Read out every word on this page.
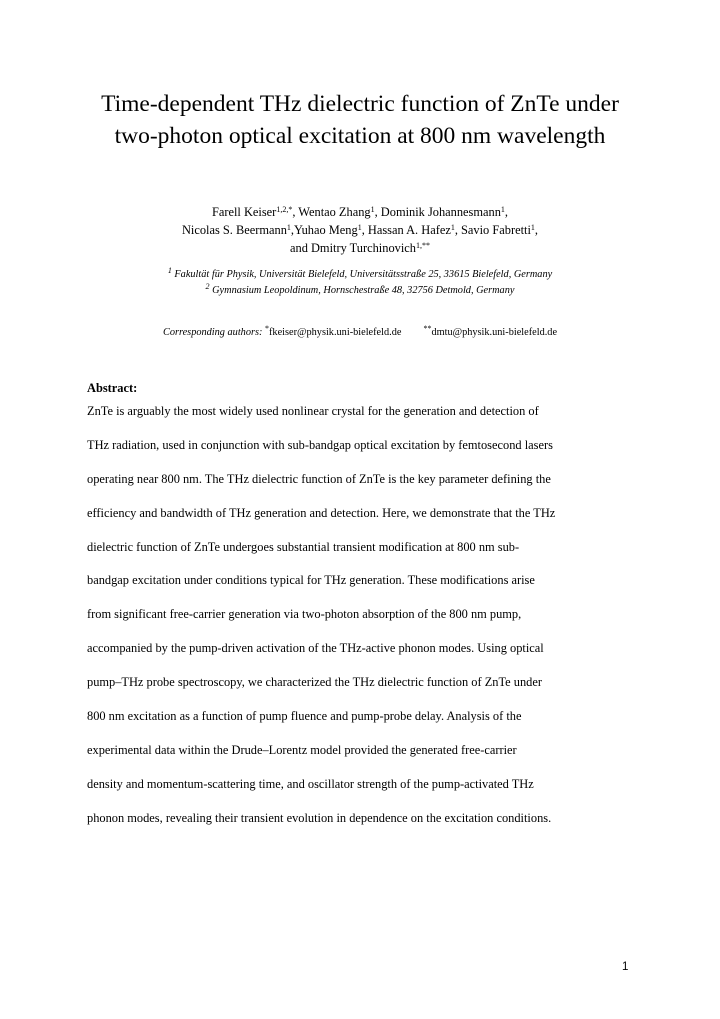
Time-dependent THz dielectric function of ZnTe under
two-photon optical excitation at 800 nm wavelength
Farell Keiser$^{1,2,*}$, Wentao Zhang$^1$, Dominik Johannesmann$^1$,
Nicolas S. Beermann$^1$,Yuhao Meng$^1$, Hassan A. Hafez$^1$, Savio Fabretti$^1$,
and Dmitry Turchinovich$^{1,**}$
$^1$ Fakultät für Physik, Universität Bielefeld, Universitätsstraße 25, 33615 Bielefeld, Germany
$^2$ Gymnasium Leopoldinum, Hornschestraße 48, 32756 Detmold, Germany
Corresponding authors: *fkeiser@physik.uni-bielefeld.de	**dmtu@physik.uni-bielefeld.de
Abstract:
ZnTe is arguably the most widely used nonlinear crystal for the generation and detection of
THz radiation, used in conjunction with sub-bandgap optical excitation by femtosecond lasers
operating near 800 nm. The THz dielectric function of ZnTe is the key parameter defining the
efficiency and bandwidth of THz generation and detection. Here, we demonstrate that the THz
dielectric function of ZnTe undergoes substantial transient modification at 800 nm sub-
bandgap excitation under conditions typical for THz generation. These modifications arise
from significant free-carrier generation via two-photon absorption of the 800 nm pump,
accompanied by the pump-driven activation of the THz-active phonon modes. Using optical
pump–THz probe spectroscopy, we characterized the THz dielectric function of ZnTe under
800 nm excitation as a function of pump fluence and pump-probe delay. Analysis of the
experimental data within the Drude–Lorentz model provided the generated free-carrier
density and momentum-scattering time, and oscillator strength of the pump-activated THz
phonon modes, revealing their transient evolution in dependence on the excitation conditions.
1
